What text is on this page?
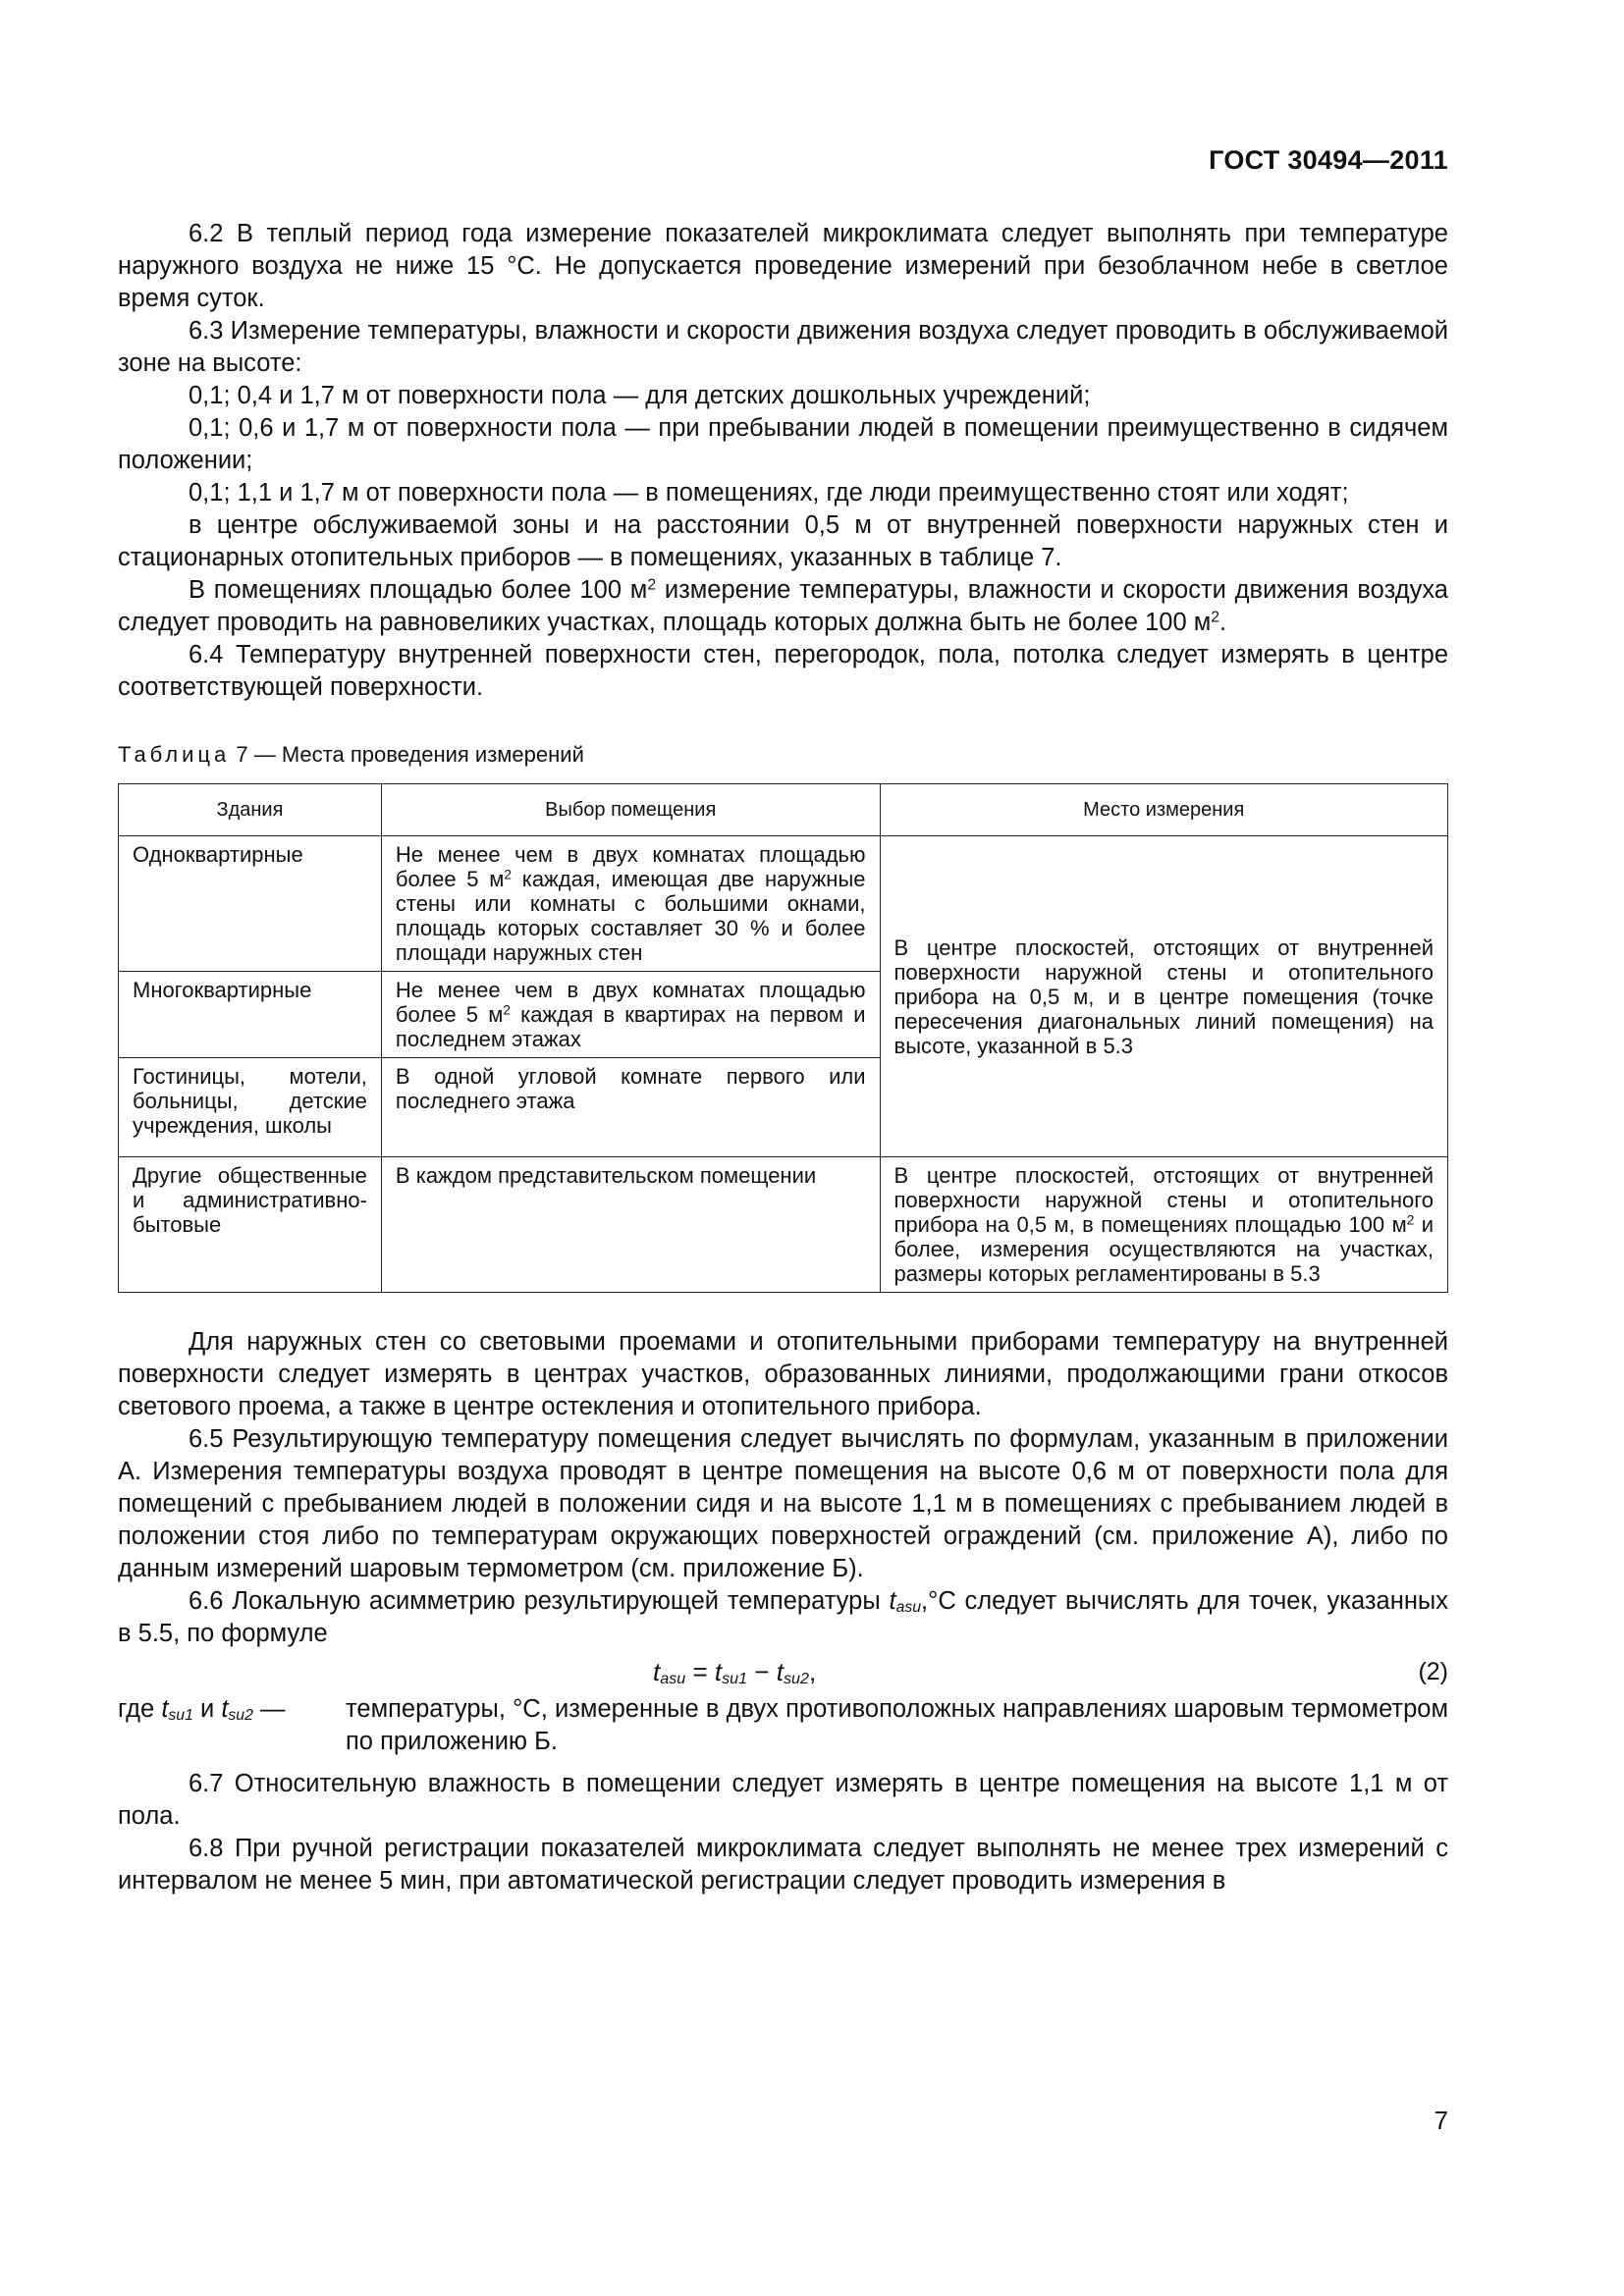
ГОСТ 30494—2011

6.2 В теплый период года измерение показателей микроклимата следует выполнять при температуре наружного воздуха не ниже 15 °С. Не допускается проведение измерений при безоблачном небе в светлое время суток.

6.3 Измерение температуры, влажности и скорости движения воздуха следует проводить в обслуживаемой зоне на высоте:

0,1; 0,4 и 1,7 м от поверхности пола — для детских дошкольных учреждений;

0,1; 0,6 и 1,7 м от поверхности пола — при пребывании людей в помещении преимущественно в сидячем положении;

0,1; 1,1 и 1,7 м от поверхности пола — в помещениях, где люди преимущественно стоят или ходят;

в центре обслуживаемой зоны и на расстоянии 0,5 м от внутренней поверхности наружных стен и стационарных отопительных приборов — в помещениях, указанных в таблице 7.

В помещениях площадью более 100 $м^2$ измерение температуры, влажности и скорости движения воздуха следует проводить на равновеликих участках, площадь которых должна быть не более 100 $м^2$.

6.4 Температуру внутренней поверхности стен, перегородок, пола, потолка следует измерять в центре соответствующей поверхности.

Таблица 7 — Места проведения измерений
Здания	Выбор помещения	Место измерения
Одноквартирные	Не менее чем в двух комнатах площадью более 5 $м^2$ каждая, имеющая две наружные стены или комнаты с большими окнами, площадь которых составляет 30 % и более площади наружных стен	В центре плоскостей, отстоящих от внутренней поверхности наружной стены и отопительного прибора на 0,5 м, и в центре помещения (точке пересечения диагональных линий помещения) на высоте, указанной в 5.3
Многоквартирные	Не менее чем в двух комнатах площадью более 5 $м^2$ каждая в квартирах на первом и последнем этажах	
Гостиницы, мотели, больницы, детские учреждения, школы	В одной угловой комнате первого или последнего этажа	
Другие общественные и административно-бытовые	В каждом представительском помещении	В центре плоскостей, отстоящих от внутренней поверхности наружной стены и отопительного прибора на 0,5 м, в помещениях площадью 100 $м^2$ и более, измерения осуществляются на участках, размеры которых регламентированы в 5.3

Для наружных стен со световыми проемами и отопительными приборами температуру на внутренней поверхности следует измерять в центрах участков, образованных линиями, продолжающими грани откосов светового проема, а также в центре остекления и отопительного прибора.

6.5 Результирующую температуру помещения следует вычислять по формулам, указанным в приложении А. Измерения температуры воздуха проводят в центре помещения на высоте 0,6 м от поверхности пола для помещений с пребыванием людей в положении сидя и на высоте 1,1 м в помещениях с пребыванием людей в положении стоя либо по температурам окружающих поверхностей ограждений (см. приложение А), либо по данным измерений шаровым термометром (см. приложение Б).

6.6 Локальную асимметрию результирующей температуры $t_{asu},^\circ С$ следует вычислять для точек, указанных в 5.5, по формуле

$t_{asu} = t_{su1} - t_{su2}$,	(2)
где $t_{su1}$ и $t_{su2}$ —	температуры, °С, измеренные в двух противоположных направлениях шаровым термометром по приложению Б.

6.7 Относительную влажность в помещении следует измерять в центре помещения на высоте 1,1 м от пола.

6.8 При ручной регистрации показателей микроклимата следует выполнять не менее трех измерений с интервалом не менее 5 мин, при автоматической регистрации следует проводить измерения в

7
